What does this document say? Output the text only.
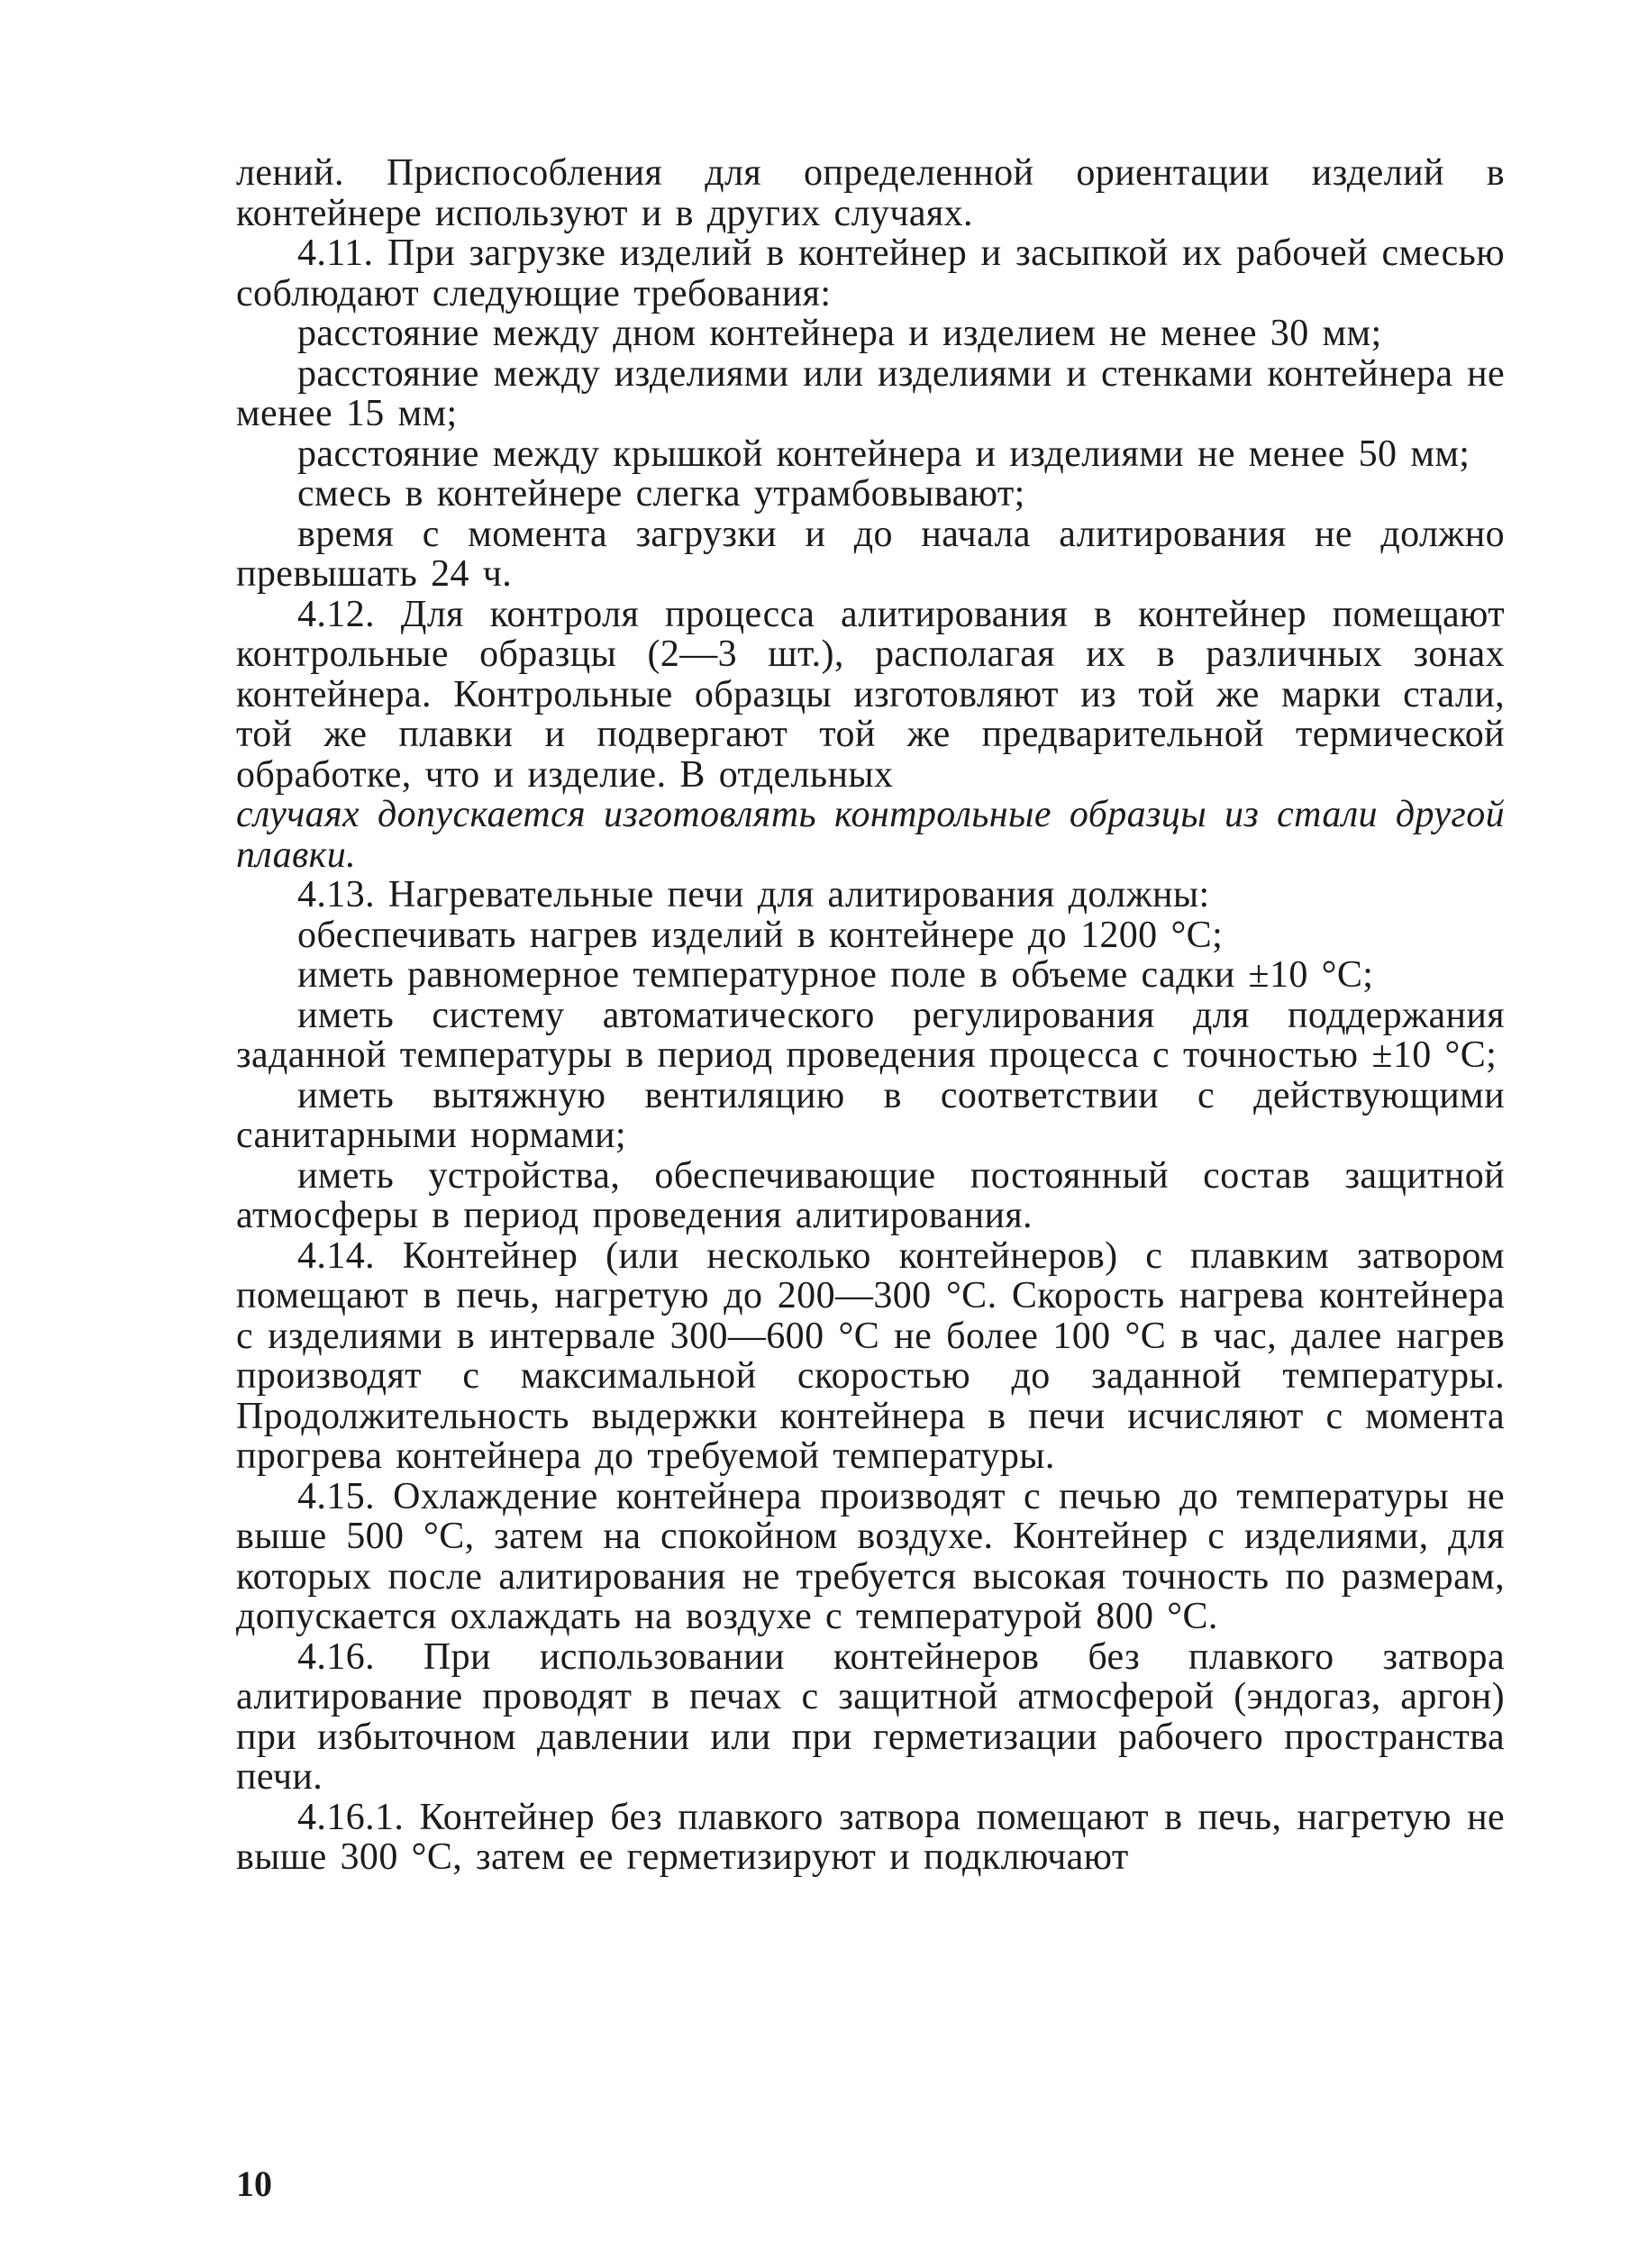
лений. Приспособления для определенной ориентации изделий в контейнере используют и в других случаях.

4.11. При загрузке изделий в контейнер и засыпкой их рабочей смесью соблюдают следующие требования:

расстояние между дном контейнера и изделием не менее 30 мм;

расстояние между изделиями или изделиями и стенками контейнера не менее 15 мм;

расстояние между крышкой контейнера и изделиями не менее 50 мм;

смесь в контейнере слегка утрамбовывают;

время с момента загрузки и до начала алитирования не должно превышать 24 ч.

4.12. Для контроля процесса алитирования в контейнер помещают контрольные образцы (2—3 шт.), располагая их в различных зонах контейнера. Контрольные образцы изготовляют из той же марки стали, той же плавки и подвергают той же предварительной термической обработке, что и изделие. В отдельных

случаях допускается изготовлять контрольные образцы из стали другой плавки.

4.13. Нагревательные печи для алитирования должны:

обеспечивать нагрев изделий в контейнере до 1200 °С;

иметь равномерное температурное поле в объеме садки ±10 °С;

иметь систему автоматического регулирования для поддержания заданной температуры в период проведения процесса с точностью ±10 °С;

иметь вытяжную вентиляцию в соответствии с действующими санитарными нормами;

иметь устройства, обеспечивающие постоянный состав защитной атмосферы в период проведения алитирования.

4.14. Контейнер (или несколько контейнеров) с плавким затвором помещают в печь, нагретую до 200—300 °С. Скорость нагрева контейнера с изделиями в интервале 300—600 °С не более 100 °С в час, далее нагрев производят с максимальной скоростью до заданной температуры. Продолжительность выдержки контейнера в печи исчисляют с момента прогрева контейнера до требуемой температуры.

4.15. Охлаждение контейнера производят с печью до температуры не выше 500 °С, затем на спокойном воздухе. Контейнер с изделиями, для которых после алитирования не требуется высокая точность по размерам, допускается охлаждать на воздухе с температурой 800 °С.

4.16. При использовании контейнеров без плавкого затвора алитирование проводят в печах с защитной атмосферой (эндогаз, аргон) при избыточном давлении или при герметизации рабочего пространства печи.

4.16.1. Контейнер без плавкого затвора помещают в печь, нагретую не выше 300 °С, затем ее герметизируют и подключают

10
